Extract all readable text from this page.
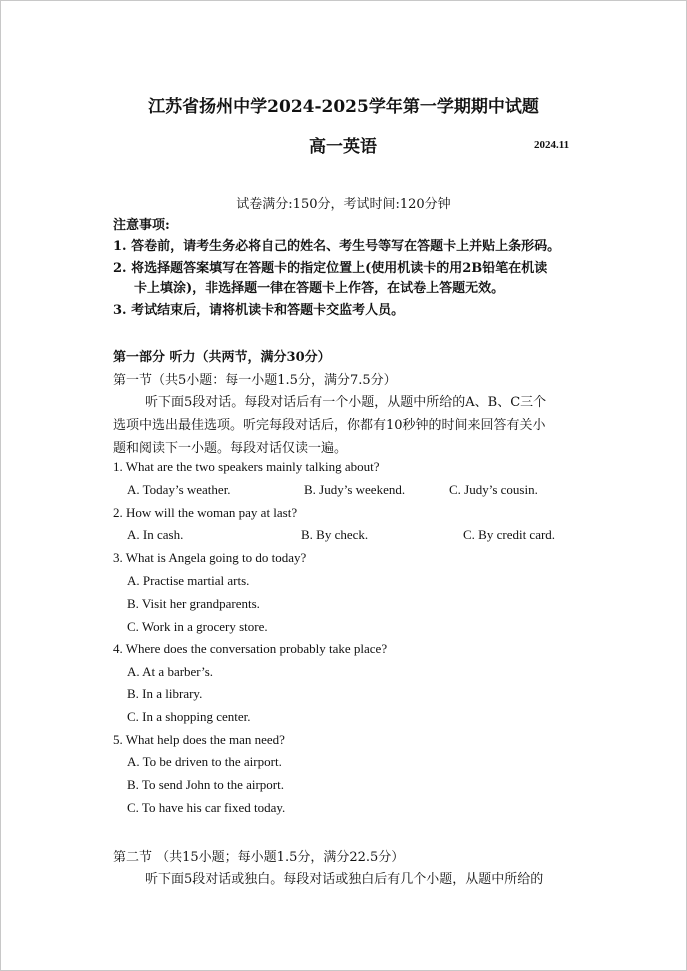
江苏省扬州中学2024-2025学年第一学期期中试题
高一英语	2024.11
试卷满分:150分，考试时间:120分钟
注意事项:
1. 答卷前，请考生务必将自己的姓名、考生号等写在答题卡上并贴上条形码。
2. 将选择题答案填写在答题卡的指定位置上(使用机读卡的用2B铅笔在机读
卡上填涂)，非选择题一律在答题卡上作答，在试卷上答题无效。
3. 考试结束后，请将机读卡和答题卡交监考人员。
第一部分 听力（共两节，满分30分）
第一节（共5小题：每一小题1.5分，满分7.5分）
听下面5段对话。每段对话后有一个小题，从题中所给的A、B、C三个
选项中选出最佳选项。听完每段对话后，你都有10秒钟的时间来回答有关小
题和阅读下一小题。每段对话仅读一遍。
1. What are the two speakers mainly talking about?
A. Today’s weather.	B. Judy’s weekend.	C. Judy’s cousin.
2. How will the woman pay at last?
A. In cash.	B. By check.	C. By credit card.
3. What is Angela going to do today?
A. Practise martial arts.
B. Visit her grandparents.
C. Work in a grocery store.
4. Where does the conversation probably take place?
A. At a barber’s.
B. In a library.
C. In a shopping center.
5. What help does the man need?
A. To be driven to the airport.
B. To send John to the airport.
C. To have his car fixed today.
第二节 （共15小题；每小题1.5分，满分22.5分）
听下面5段对话或独白。每段对话或独白后有几个小题，从题中所给的
